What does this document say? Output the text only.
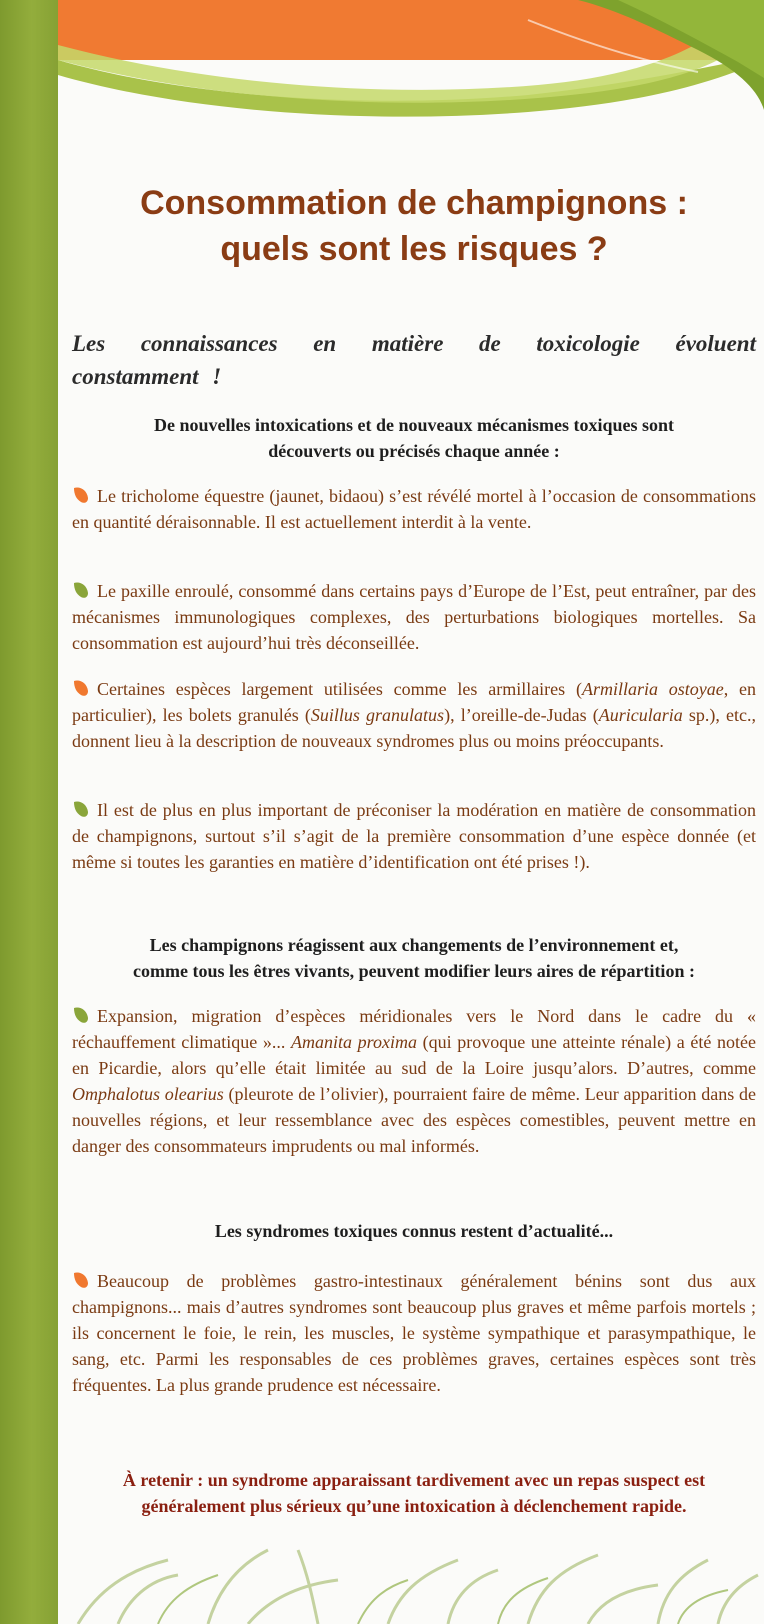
Consommation de champignons :
quels sont les risques ?

Les connaissances en matière de toxicologie évoluent constamment !

De nouvelles intoxications et de nouveaux mécanismes toxiques sont
découverts ou précisés chaque année :

Le tricholome équestre (jaunet, bidaou) s’est révélé mortel à l’occasion de consommations en quantité déraisonnable. Il est actuellement interdit à la vente.

Le paxille enroulé, consommé dans certains pays d’Europe de l’Est, peut entraîner, par des mécanismes immunologiques complexes, des perturbations biologiques mortelles. Sa consommation est aujourd’hui très déconseillée.

Certaines espèces largement utilisées comme les armillaires (Armillaria ostoyae, en particulier), les bolets granulés (Suillus granulatus), l’oreille-de-Judas (Auricularia sp.), etc., donnent lieu à la description de nouveaux syndromes plus ou moins préoccupants.

Il est de plus en plus important de préconiser la modération en matière de consommation de champignons, surtout s’il s’agit de la première consommation d’une espèce donnée (et même si toutes les garanties en matière d’identification ont été prises !).

Les champignons réagissent aux changements de l’environnement et,
comme tous les êtres vivants, peuvent modifier leurs aires de répartition :

Expansion, migration d’espèces méridionales vers le Nord dans le cadre du « réchauffement climatique »... Amanita proxima (qui provoque une atteinte rénale) a été notée en Picardie, alors qu’elle était limitée au sud de la Loire jusqu’alors. D’autres, comme Omphalotus olearius (pleurote de l’olivier), pourraient faire de même. Leur apparition dans de nouvelles régions, et leur ressemblance avec des espèces comestibles, peuvent mettre en danger des consommateurs imprudents ou mal informés.

Les syndromes toxiques connus restent d’actualité...

Beaucoup de problèmes gastro-intestinaux généralement bénins sont dus aux champignons... mais d’autres syndromes sont beaucoup plus graves et même parfois mortels ; ils concernent le foie, le rein, les muscles, le système sympathique et parasympathique, le sang, etc. Parmi les responsables de ces problèmes graves, certaines espèces sont très fréquentes. La plus grande prudence est nécessaire.

À retenir : un syndrome apparaissant tardivement avec un repas suspect est
généralement plus sérieux qu’une intoxication à déclenchement rapide.
